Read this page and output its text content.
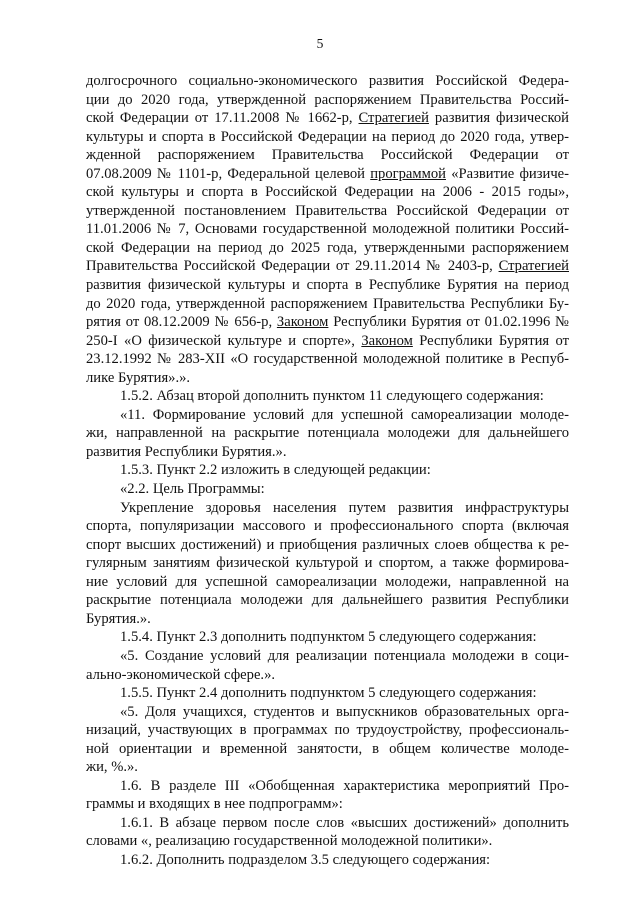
5
долгосрочного социально-экономического развития Российской Федера-
ции до 2020 года, утвержденной распоряжением Правительства Россий-
ской Федерации от 17.11.2008 № 1662-р, Стратегией развития физической
культуры и спорта в Российской Федерации на период до 2020 года, утвер-
жденной распоряжением Правительства Российской Федерации от
07.08.2009 № 1101-р, Федеральной целевой программой «Развитие физиче-
ской культуры и спорта в Российской Федерации на 2006 - 2015 годы»,
утвержденной постановлением Правительства Российской Федерации от
11.01.2006 № 7, Основами государственной молодежной политики Россий-
ской Федерации на период до 2025 года, утвержденными распоряжением
Правительства Российской Федерации от 29.11.2014 № 2403-р, Стратегией
развития физической культуры и спорта в Республике Бурятия на период
до 2020 года, утвержденной распоряжением Правительства Республики Бу-
рятия от 08.12.2009 № 656-р, Законом Республики Бурятия от 01.02.1996 №
250-I «О физической культуре и спорте», Законом Республики Бурятия от
23.12.1992 № 283-XII «О государственной молодежной политике в Респуб-
лике Бурятия».».

1.5.2. Абзац второй дополнить пунктом 11 следующего содержания:

«11. Формирование условий для успешной самореализации молоде-
жи, направленной на раскрытие потенциала молодежи для дальнейшего
развития Республики Бурятия.».

1.5.3. Пункт 2.2 изложить в следующей редакции:

«2.2. Цель Программы:

Укрепление здоровья населения путем развития инфраструктуры
спорта, популяризации массового и профессионального спорта (включая
спорт высших достижений) и приобщения различных слоев общества к ре-
гулярным занятиям физической культурой и спортом, а также формирова-
ние условий для успешной самореализации молодежи, направленной на
раскрытие потенциала молодежи для дальнейшего развития Республики
Бурятия.».

1.5.4. Пункт 2.3 дополнить подпунктом 5 следующего содержания:

«5. Создание условий для реализации потенциала молодежи в соци-
ально-экономической сфере.».

1.5.5. Пункт 2.4 дополнить подпунктом 5 следующего содержания:

«5. Доля учащихся, студентов и выпускников образовательных орга-
низаций, участвующих в программах по трудоустройству, профессиональ-
ной ориентации и временной занятости, в общем количестве молоде-
жи, %.».
1.6. В разделе III «Обобщенная характеристика мероприятий Про-
граммы и входящих в нее подпрограмм»:
1.6.1. В абзаце первом после слов «высших достижений» дополнить
словами «, реализацию государственной молодежной политики».

1.6.2. Дополнить подразделом 3.5 следующего содержания:
